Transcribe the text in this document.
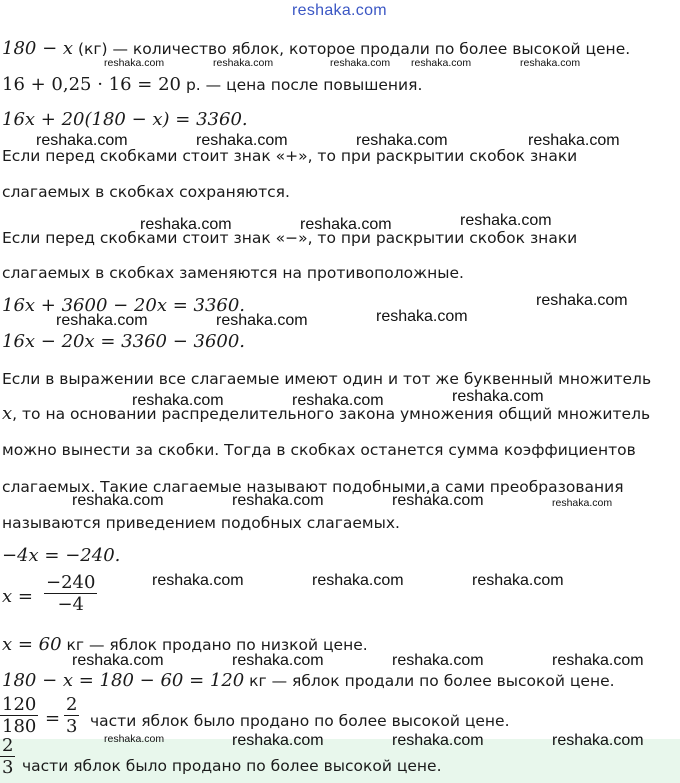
reshaka.com
180 − x (кг) — количество яблок, которое продали по более высокой цене.
16 + 0,25 · 16 = 20 р. — цена после повышения.
16x + 20(180 − x) = 3360.
Если перед скобками стоит знак «+», то при раскрытии скобок знаки
слагаемых в скобках сохраняются.
Если перед скобками стоит знак «−», то при раскрытии скобок знаки
слагаемых в скобках заменяются на противоположные.
16x + 3600 − 20x = 3360.
16x − 20x = 3360 − 3600.
Если в выражении все слагаемые имеют один и тот же буквенный множитель
x, то на основании распределительного закона умножения общий множитель
можно вынести за скобки. Тогда в скобках останется сумма коэффициентов
слагаемых. Такие слагаемые называют подобными,а сами преобразования
называются приведением подобных слагаемых.
−4x = −240.
x =
−240
−4
x = 60 кг — яблок продано по низкой цене.
180 − x = 180 − 60 = 120 кг — яблок продали по более высокой цене.
120
180 =
2
3 части яблок было продано по более высокой цене.
2
3 части яблок было продано по более высокой цене.
reshaka.com	reshaka.com	reshaka.com reshaka.com	reshaka.com
reshaka.com	reshaka.com	reshaka.com	reshaka.com
reshaka.com	reshaka.com	reshaka.com
reshaka.com
reshaka.com	reshaka.com	reshaka.com
reshaka.com	reshaka.com	reshaka.com
reshaka.com	reshaka.com	reshaka.com	reshaka.com
reshaka.com	reshaka.com	reshaka.com
reshaka.com	reshaka.com	reshaka.com	reshaka.com
reshaka.com	reshaka.com	reshaka.com	reshaka.com
